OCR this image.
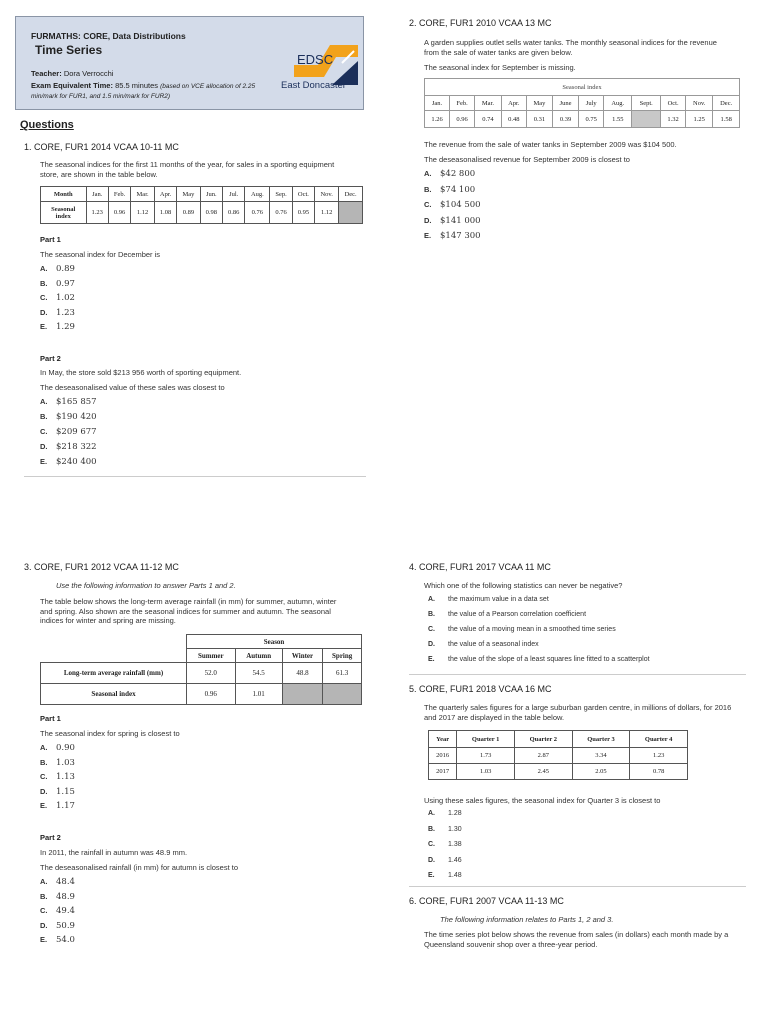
FURMATHS: CORE, Data Distributions
Time Series
Teacher: Dora Verrocchi
Exam Equivalent Time: 85.5 minutes (based on VCE allocation of 2.25
min/mark for FUR1, and 1.5 min/mark for FUR2)
EDSC
East Doncaster
Questions
1. CORE, FUR1 2014 VCAA 10-11 MC
The seasonal indices for the first 11 months of the year, for sales in a sporting equipment
store, are shown in the table below.
Month	Jan.	Feb.	Mar.	Apr.	May	Jun.	Jul.	Aug.	Sep.	Oct.	Nov.	Dec.
Seasonal
index	1.23	0.96	1.12	1.08	0.89	0.98	0.86	0.76	0.76	0.95	1.12	
Part 1
The seasonal index for December is
A. 0.89
B. 0.97
C. 1.02
D. 1.23
E.	1.29
Part 2
In May, the store sold $213 956 worth of sporting equipment.
The deseasonalised value of these sales was closest to
A. $165 857
B. $190 420
C. $209 677
D. $218 322
E.	$240 400
2. CORE, FUR1 2010 VCAA 13 MC
A garden supplies outlet sells water tanks. The monthly seasonal indices for the revenue
from the sale of water tanks are given below.
The seasonal index for September is missing.
Seasonal index											
Jan.	Feb.	Mar.	Apr.	May	June	July	Aug.	Sept.	Oct.	Nov.	Dec.
1.26	0.96	0.74	0.48	0.31	0.39	0.75	1.55		1.32	1.25	1.58
The revenue from the sale of water tanks in September 2009 was $104 500.
The deseasonalised revenue for September 2009 is closest to
A. $42 800
B. $74 100
C. $104 500
D. $141 000
E.	$147 300
3. CORE, FUR1 2012 VCAA 11-12 MC
Use the following information to answer Parts 1 and 2.
The table below shows the long-term average rainfall (in mm) for summer, autumn, winter
and spring. Also shown are the seasonal indices for summer and autumn. The seasonal
indices for winter and spring are missing.
	Season			
	Summer	Autumn	Winter	Spring
Long-term average rainfall (mm)	52.0	54.5	48.8	61.3
Seasonal index	0.96	1.01		
Part 1
The seasonal index for spring is closest to
A. 0.90
B. 1.03
C. 1.13
D. 1.15
E.	1.17
Part 2
In 2011, the rainfall in autumn was 48.9 mm.
The deseasonalised rainfall (in mm) for autumn is closest to
A. 48.4
B. 48.9
C. 49.4
D. 50.9
E.	54.0
4. CORE, FUR1 2017 VCAA 11 MC
Which one of the following statistics can never be negative?
A.	the maximum value in a data set
B.	the value of a Pearson correlation coefficient
C.	the value of a moving mean in a smoothed time series
D.	the value of a seasonal index
E.	the value of the slope of a least squares line fitted to a scatterplot
5. CORE, FUR1 2018 VCAA 16 MC
The quarterly sales figures for a large suburban garden centre, in millions of dollars, for 2016
and 2017 are displayed in the table below.
Year	Quarter 1	Quarter 2	Quarter 3	Quarter 4
2016	1.73	2.87	3.34	1.23
2017	1.03	2.45	2.05	0.78
Using these sales figures, the seasonal index for Quarter 3 is closest to
A.	1.28
B.	1.30
C.	1.38
D.	1.46
E.	1.48
6. CORE, FUR1 2007 VCAA 11-13 MC
The following information relates to Parts 1, 2 and 3.
The time series plot below shows the revenue from sales (in dollars) each month made by a
Queensland souvenir shop over a three-year period.
